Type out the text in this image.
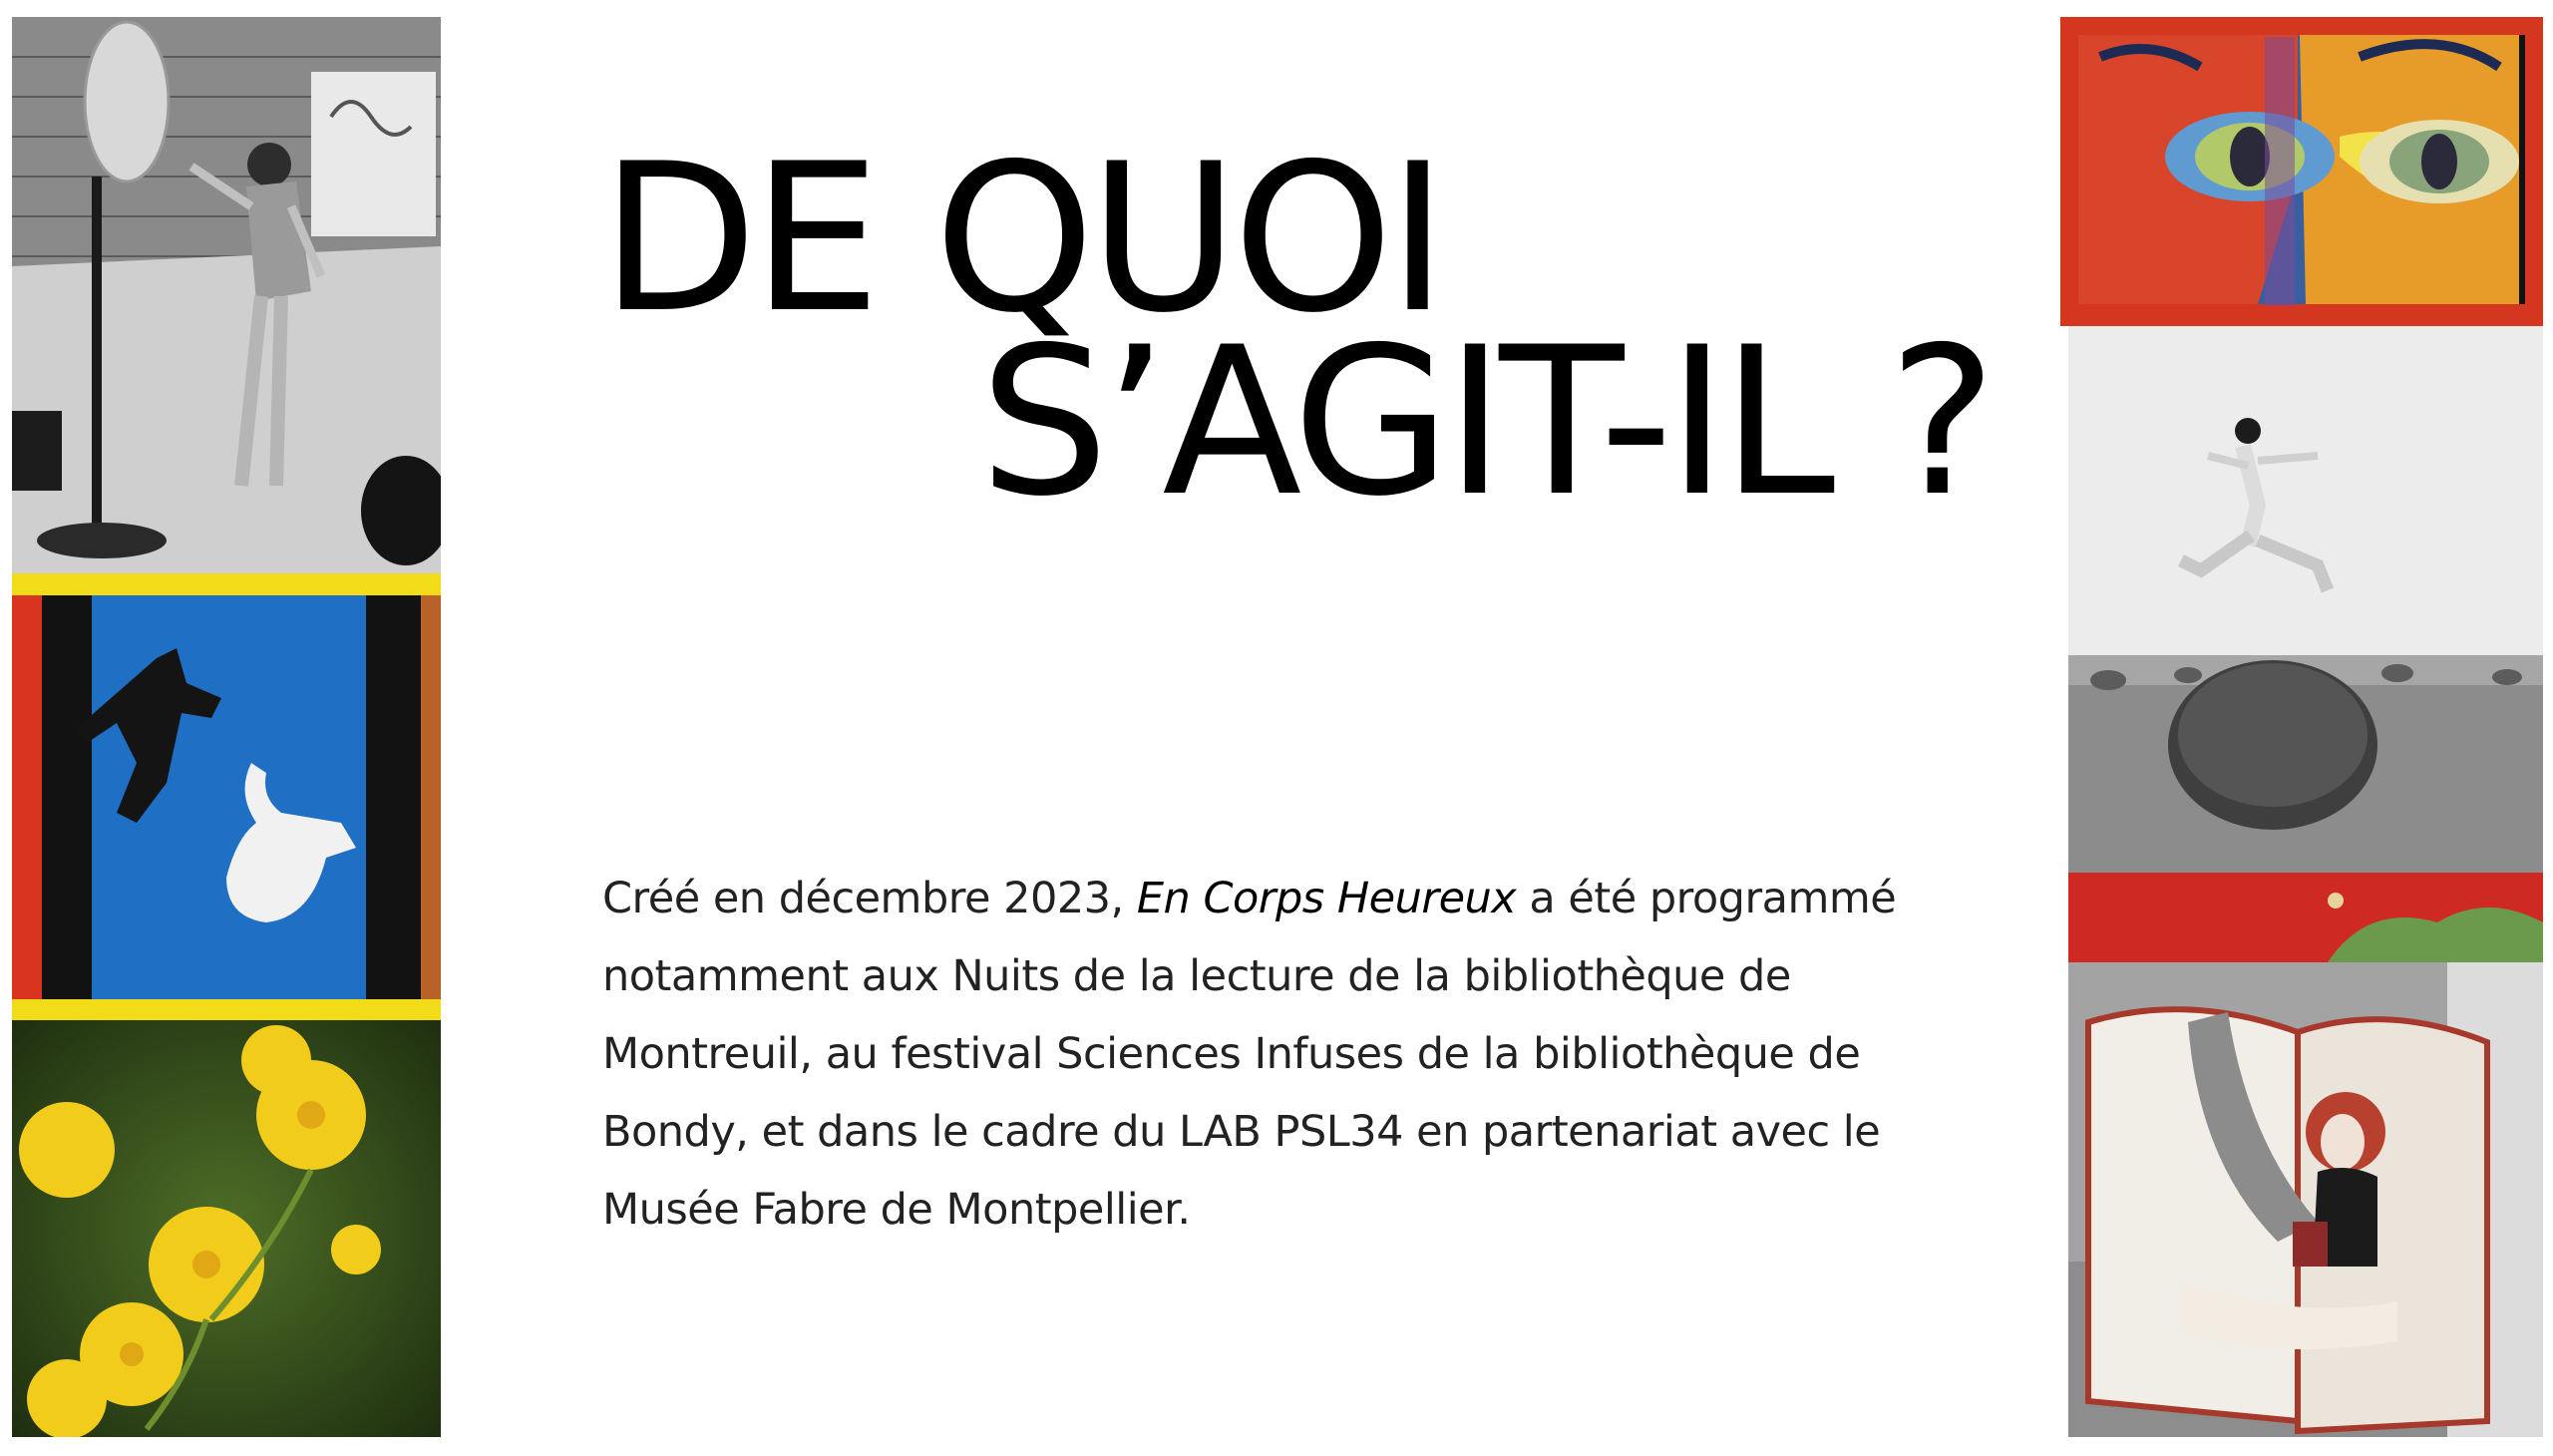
DE QUOI
S’AGIT-IL ?

Créé en décembre 2023, En Corps Heureux a été programmé notamment aux Nuits de la lecture de la bibliothèque de Montreuil, au festival Sciences Infuses de la bibliothèque de Bondy, et dans le cadre du LAB PSL34 en partenariat avec le Musée Fabre de Montpellier.
